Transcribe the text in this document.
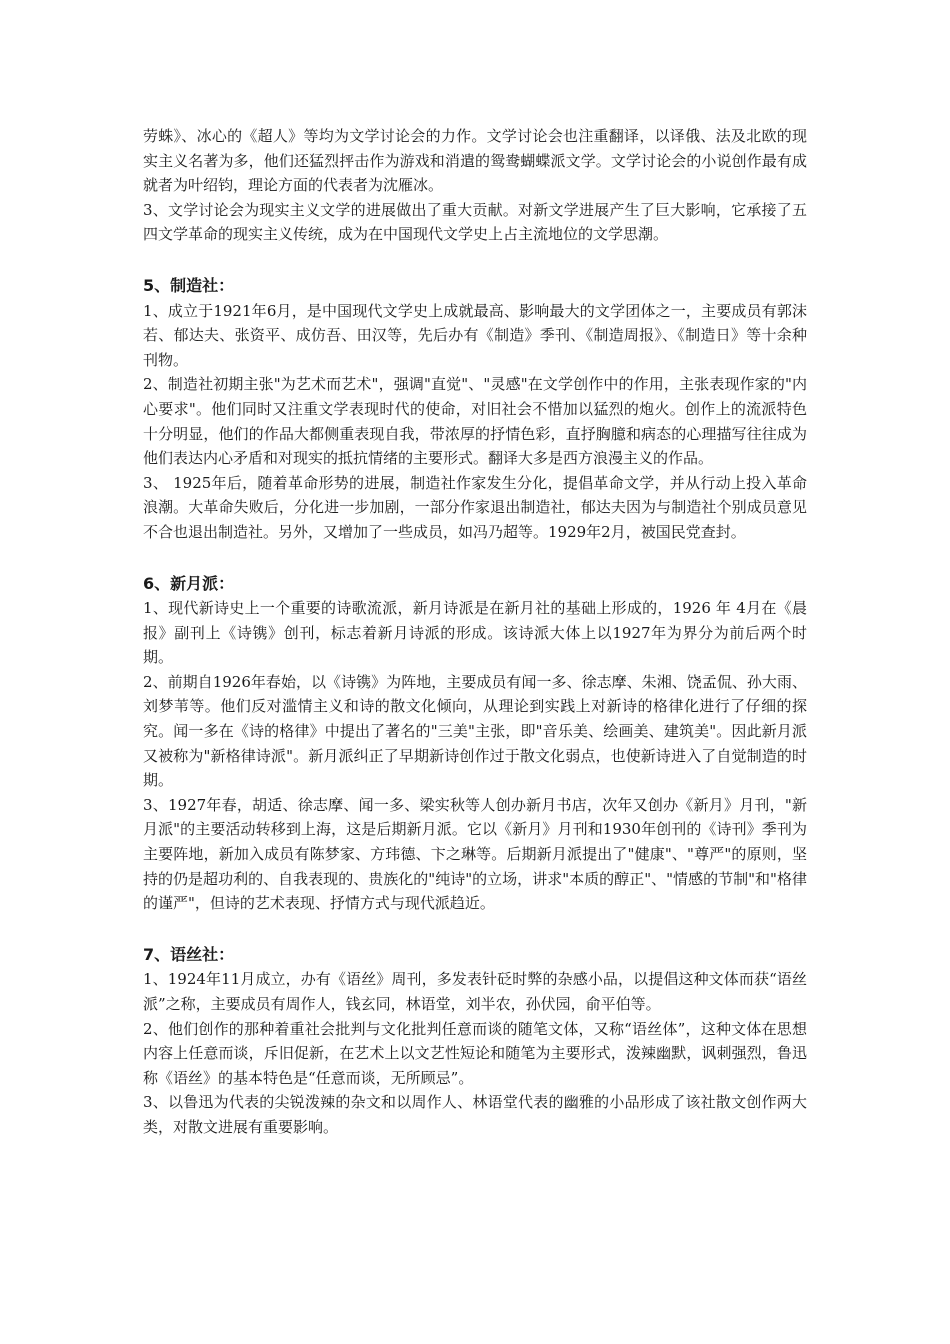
劳蛛》、冰心的《超人》等均为文学讨论会的力作。文学讨论会也注重翻译，以译俄、法及北欧的现实主义名著为多，他们还猛烈抨击作为游戏和消遣的鸳鸯蝴蝶派文学。文学讨论会的小说创作最有成就者为叶绍钧，理论方面的代表者为沈雁冰。

3、文学讨论会为现实主义文学的进展做出了重大贡献。对新文学进展产生了巨大影响，它承接了五四文学革命的现实主义传统，成为在中国现代文学史上占主流地位的文学思潮。

5、制造社：

1、成立于1921年6月，是中国现代文学史上成就最高、影响最大的文学团体之一，主要成员有郭沫若、郁达夫、张资平、成仿吾、田汉等，先后办有《制造》季刊、《制造周报》、《制造日》等十余种刊物。

2、制造社初期主张"为艺术而艺术"，强调"直觉"、"灵感"在文学创作中的作用，主张表现作家的"内心要求"。他们同时又注重文学表现时代的使命，对旧社会不惜加以猛烈的炮火。创作上的流派特色十分明显，他们的作品大都侧重表现自我，带浓厚的抒情色彩，直抒胸臆和病态的心理描写往往成为他们表达内心矛盾和对现实的抵抗情绪的主要形式。翻译大多是西方浪漫主义的作品。

3、 1925年后，随着革命形势的进展，制造社作家发生分化，提倡革命文学，并从行动上投入革命浪潮。大革命失败后，分化进一步加剧，一部分作家退出制造社，郁达夫因为与制造社个别成员意见不合也退出制造社。另外，又增加了一些成员，如冯乃超等。1929年2月，被国民党查封。

6、新月派：

1、现代新诗史上一个重要的诗歌流派，新月诗派是在新月社的基础上形成的，1926 年 4月在《晨报》副刊上《诗镌》创刊，标志着新月诗派的形成。该诗派大体上以1927年为界分为前后两个时期。

2、前期自1926年春始，以《诗镌》为阵地，主要成员有闻一多、徐志摩、朱湘、饶孟侃、孙大雨、刘梦苇等。他们反对滥情主义和诗的散文化倾向，从理论到实践上对新诗的格律化进行了仔细的探究。闻一多在《诗的格律》中提出了著名的"三美"主张，即"音乐美、绘画美、建筑美"。因此新月派又被称为"新格律诗派"。新月派纠正了早期新诗创作过于散文化弱点，也使新诗进入了自觉制造的时期。

3、1927年春，胡适、徐志摩、闻一多、梁实秋等人创办新月书店，次年又创办《新月》月刊，"新月派"的主要活动转移到上海，这是后期新月派。它以《新月》月刊和1930年创刊的《诗刊》季刊为主要阵地，新加入成员有陈梦家、方玮德、卞之琳等。后期新月派提出了"健康"、"尊严"的原则，坚持的仍是超功利的、自我表现的、贵族化的"纯诗"的立场，讲求"本质的醇正"、"情感的节制"和"格律的谨严"，但诗的艺术表现、抒情方式与现代派趋近。

7、语丝社：

1、1924年11月成立，办有《语丝》周刊，多发表针砭时弊的杂感小品，以提倡这种文体而获“语丝派”之称，主要成员有周作人，钱玄同，林语堂，刘半农，孙伏园，俞平伯等。

2、他们创作的那种着重社会批判与文化批判任意而谈的随笔文体，又称“语丝体”，这种文体在思想内容上任意而谈，斥旧促新，在艺术上以文艺性短论和随笔为主要形式，泼辣幽默，讽刺强烈，鲁迅称《语丝》的基本特色是“任意而谈，无所顾忌”。

3、以鲁迅为代表的尖锐泼辣的杂文和以周作人、林语堂代表的幽雅的小品形成了该社散文创作两大类，对散文进展有重要影响。
